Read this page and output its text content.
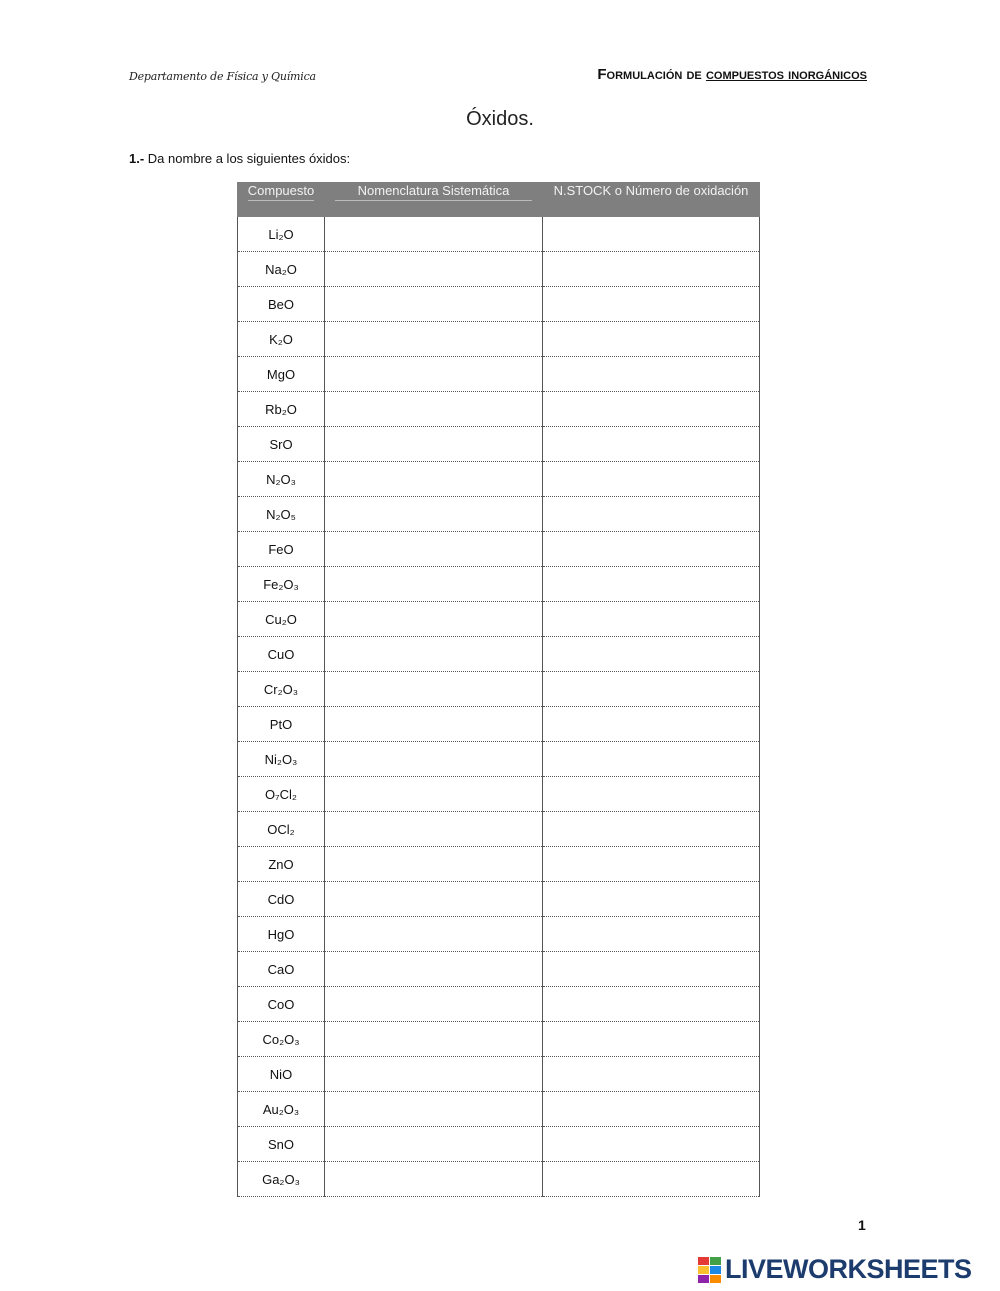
Departamento de Física y Química	Formulación de compuestos inorgánicos
Óxidos.
1.- Da nombre a los siguientes óxidos:
Compuesto	Nomenclatura Sistemática	N.STOCK o Número de oxidación
Li₂O		
Na₂O		
BeO		
K₂O		
MgO		
Rb₂O		
SrO		
N₂O₃		
N₂O₅		
FeO		
Fe₂O₃		
Cu₂O		
CuO		
Cr₂O₃		
PtO		
Ni₂O₃		
O₇Cl₂		
OCl₂		
ZnO		
CdO		
HgO		
CaO		
CoO		
Co₂O₃		
NiO		
Au₂O₃		
SnO		
Ga₂O₃		
1
LIVEWORKSHEETS
